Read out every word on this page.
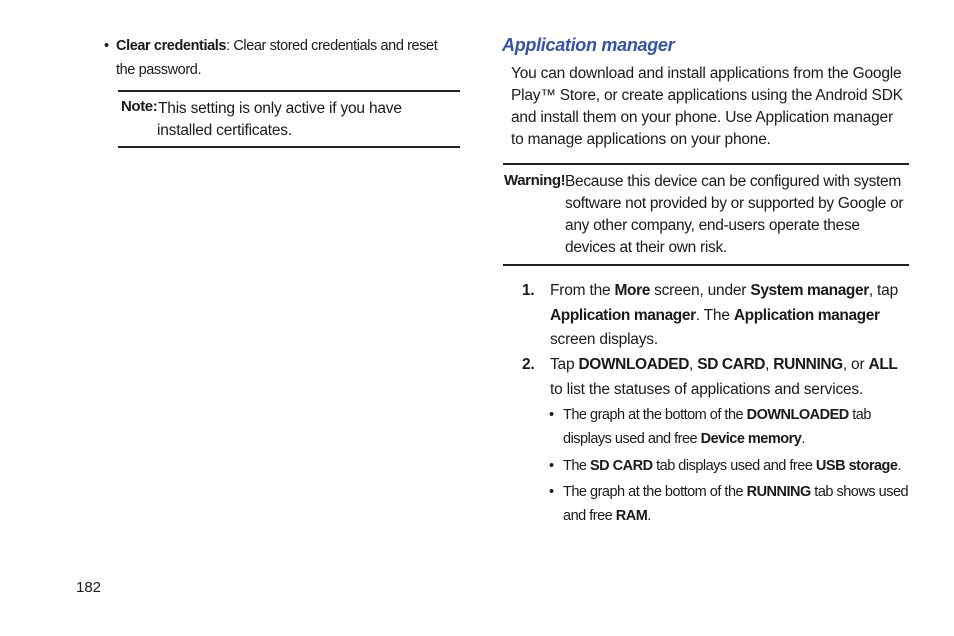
• Clear credentials: Clear stored credentials and reset the password.
Note: This setting is only active if you have installed certificates.
Application manager
You can download and install applications from the Google Play™ Store, or create applications using the Android SDK and install them on your phone. Use Application manager to manage applications on your phone.
Warning! Because this device can be configured with system software not provided by or supported by Google or any other company, end-users operate these devices at their own risk.
1. From the More screen, under System manager, tap Application manager. The Application manager screen displays.
2. Tap DOWNLOADED, SD CARD, RUNNING, or ALL to list the statuses of applications and services.
• The graph at the bottom of the DOWNLOADED tab displays used and free Device memory.
• The SD CARD tab displays used and free USB storage.
• The graph at the bottom of the RUNNING tab shows used and free RAM.
182
